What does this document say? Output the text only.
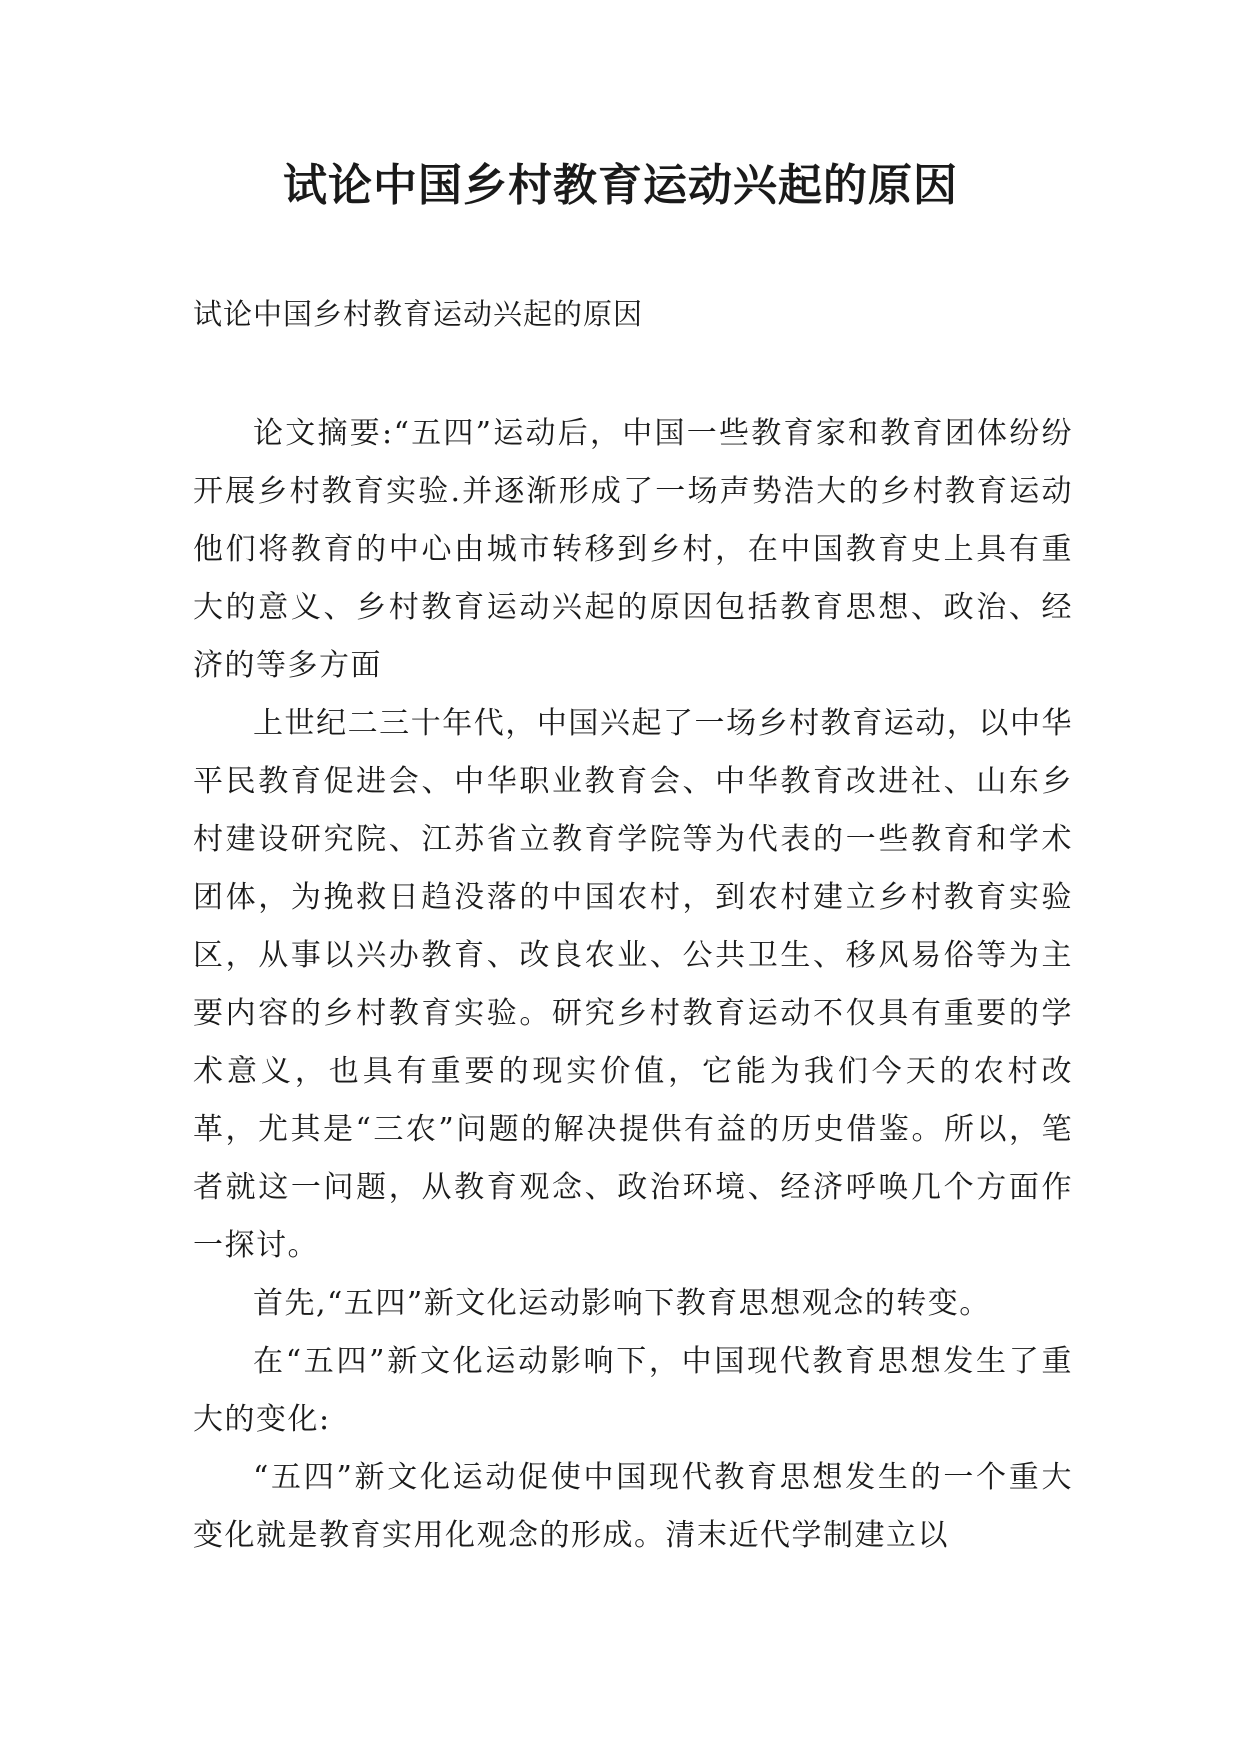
试论中国乡村教育运动兴起的原因

试论中国乡村教育运动兴起的原因

论文摘要:“五四”运动后，中国一些教育家和教育团体纷纷开展乡村教育实验.并逐渐形成了一场声势浩大的乡村教育运动他们将教育的中心由城市转移到乡村，在中国教育史上具有重大的意义、乡村教育运动兴起的原因包括教育思想、政治、经济的等多方面

上世纪二三十年代，中国兴起了一场乡村教育运动，以中华平民教育促进会、中华职业教育会、中华教育改进社、山东乡村建设研究院、江苏省立教育学院等为代表的一些教育和学术团体，为挽救日趋没落的中国农村，到农村建立乡村教育实验区，从事以兴办教育、改良农业、公共卫生、移风易俗等为主要内容的乡村教育实验。研究乡村教育运动不仅具有重要的学术意义，也具有重要的现实价值，它能为我们今天的农村改革，尤其是“三农”问题的解决提供有益的历史借鉴。所以，笔者就这一问题，从教育观念、政治环境、经济呼唤几个方面作一探讨。

首先,“五四”新文化运动影响下教育思想观念的转变。

在“五四”新文化运动影响下，中国现代教育思想发生了重大的变化:

“五四”新文化运动促使中国现代教育思想发生的一个重大变化就是教育实用化观念的形成。清末近代学制建立以
